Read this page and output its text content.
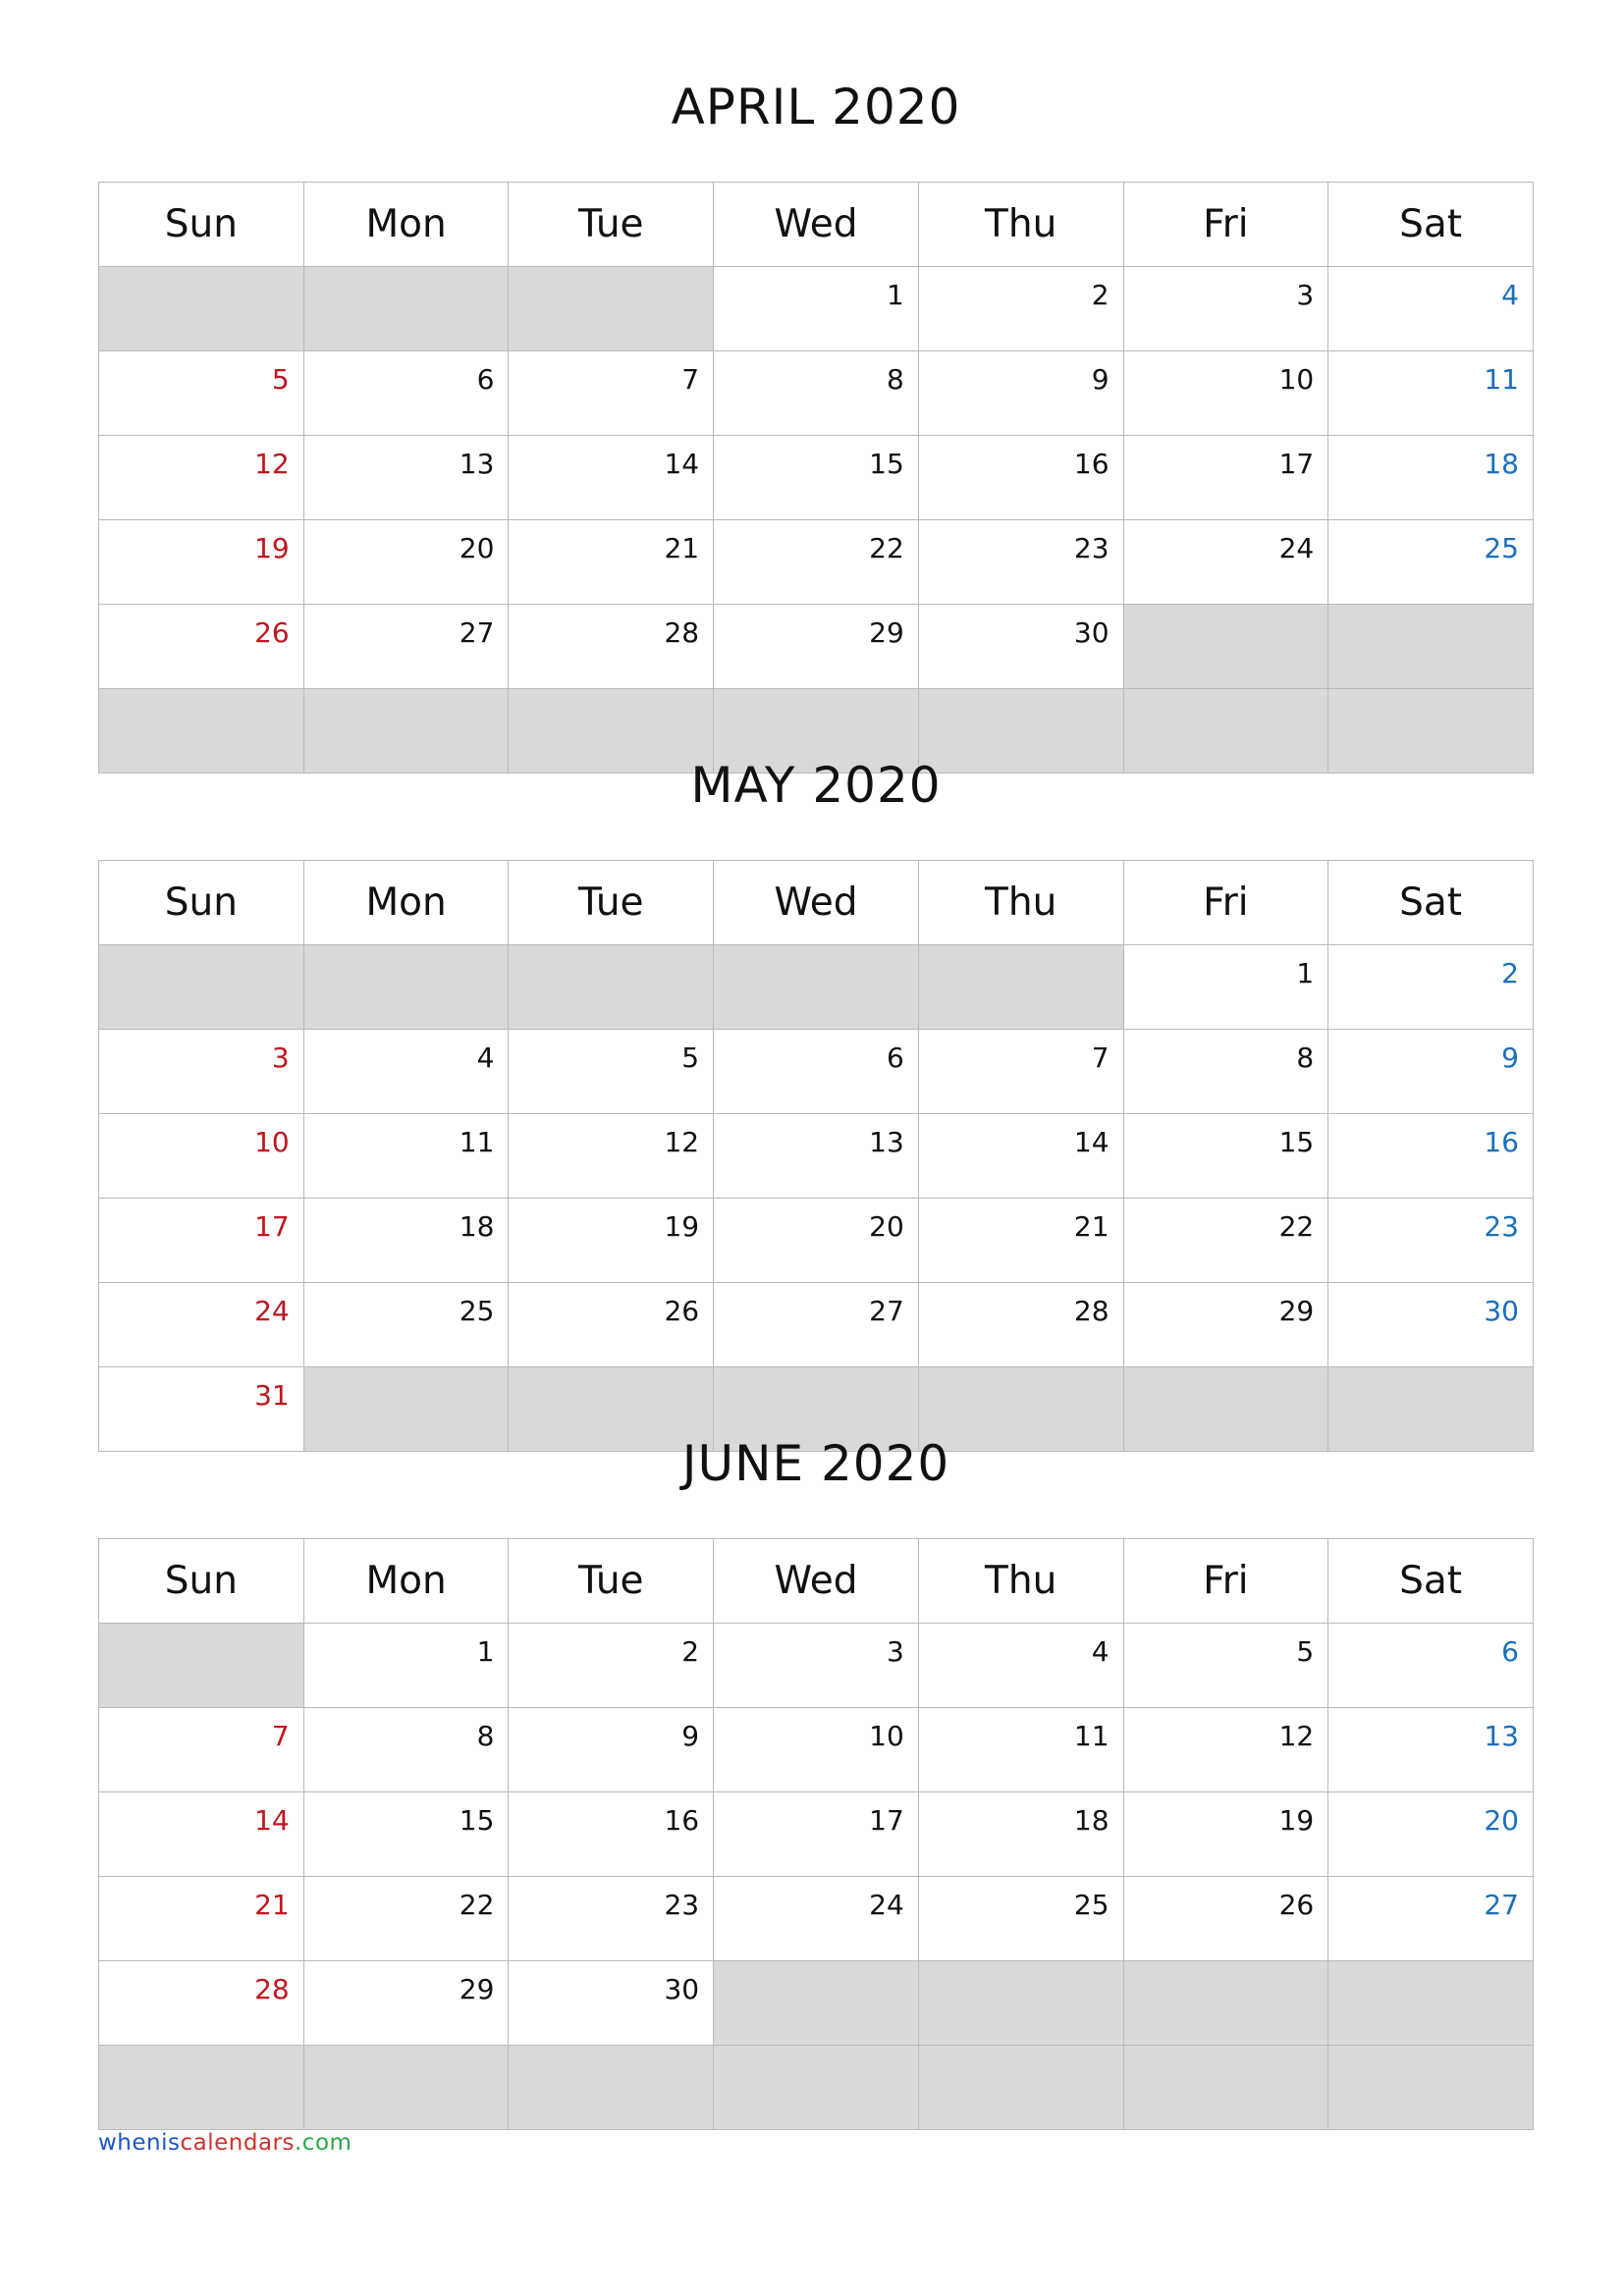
APRIL 2020
Sun	Mon	Tue	Wed	Thu	Fri	Sat
			1	2	3	4
5	6	7	8	9	10	11
12	13	14	15	16	17	18
19	20	21	22	23	24	25
26	27	28	29	30		

MAY 2020
Sun	Mon	Tue	Wed	Thu	Fri	Sat
					1	2
3	4	5	6	7	8	9
10	11	12	13	14	15	16
17	18	19	20	21	22	23
24	25	26	27	28	29	30
31						
JUNE 2020
Sun	Mon	Tue	Wed	Thu	Fri	Sat
	1	2	3	4	5	6
7	8	9	10	11	12	13
14	15	16	17	18	19	20
21	22	23	24	25	26	27
28	29	30				

wheniscalendars.com
